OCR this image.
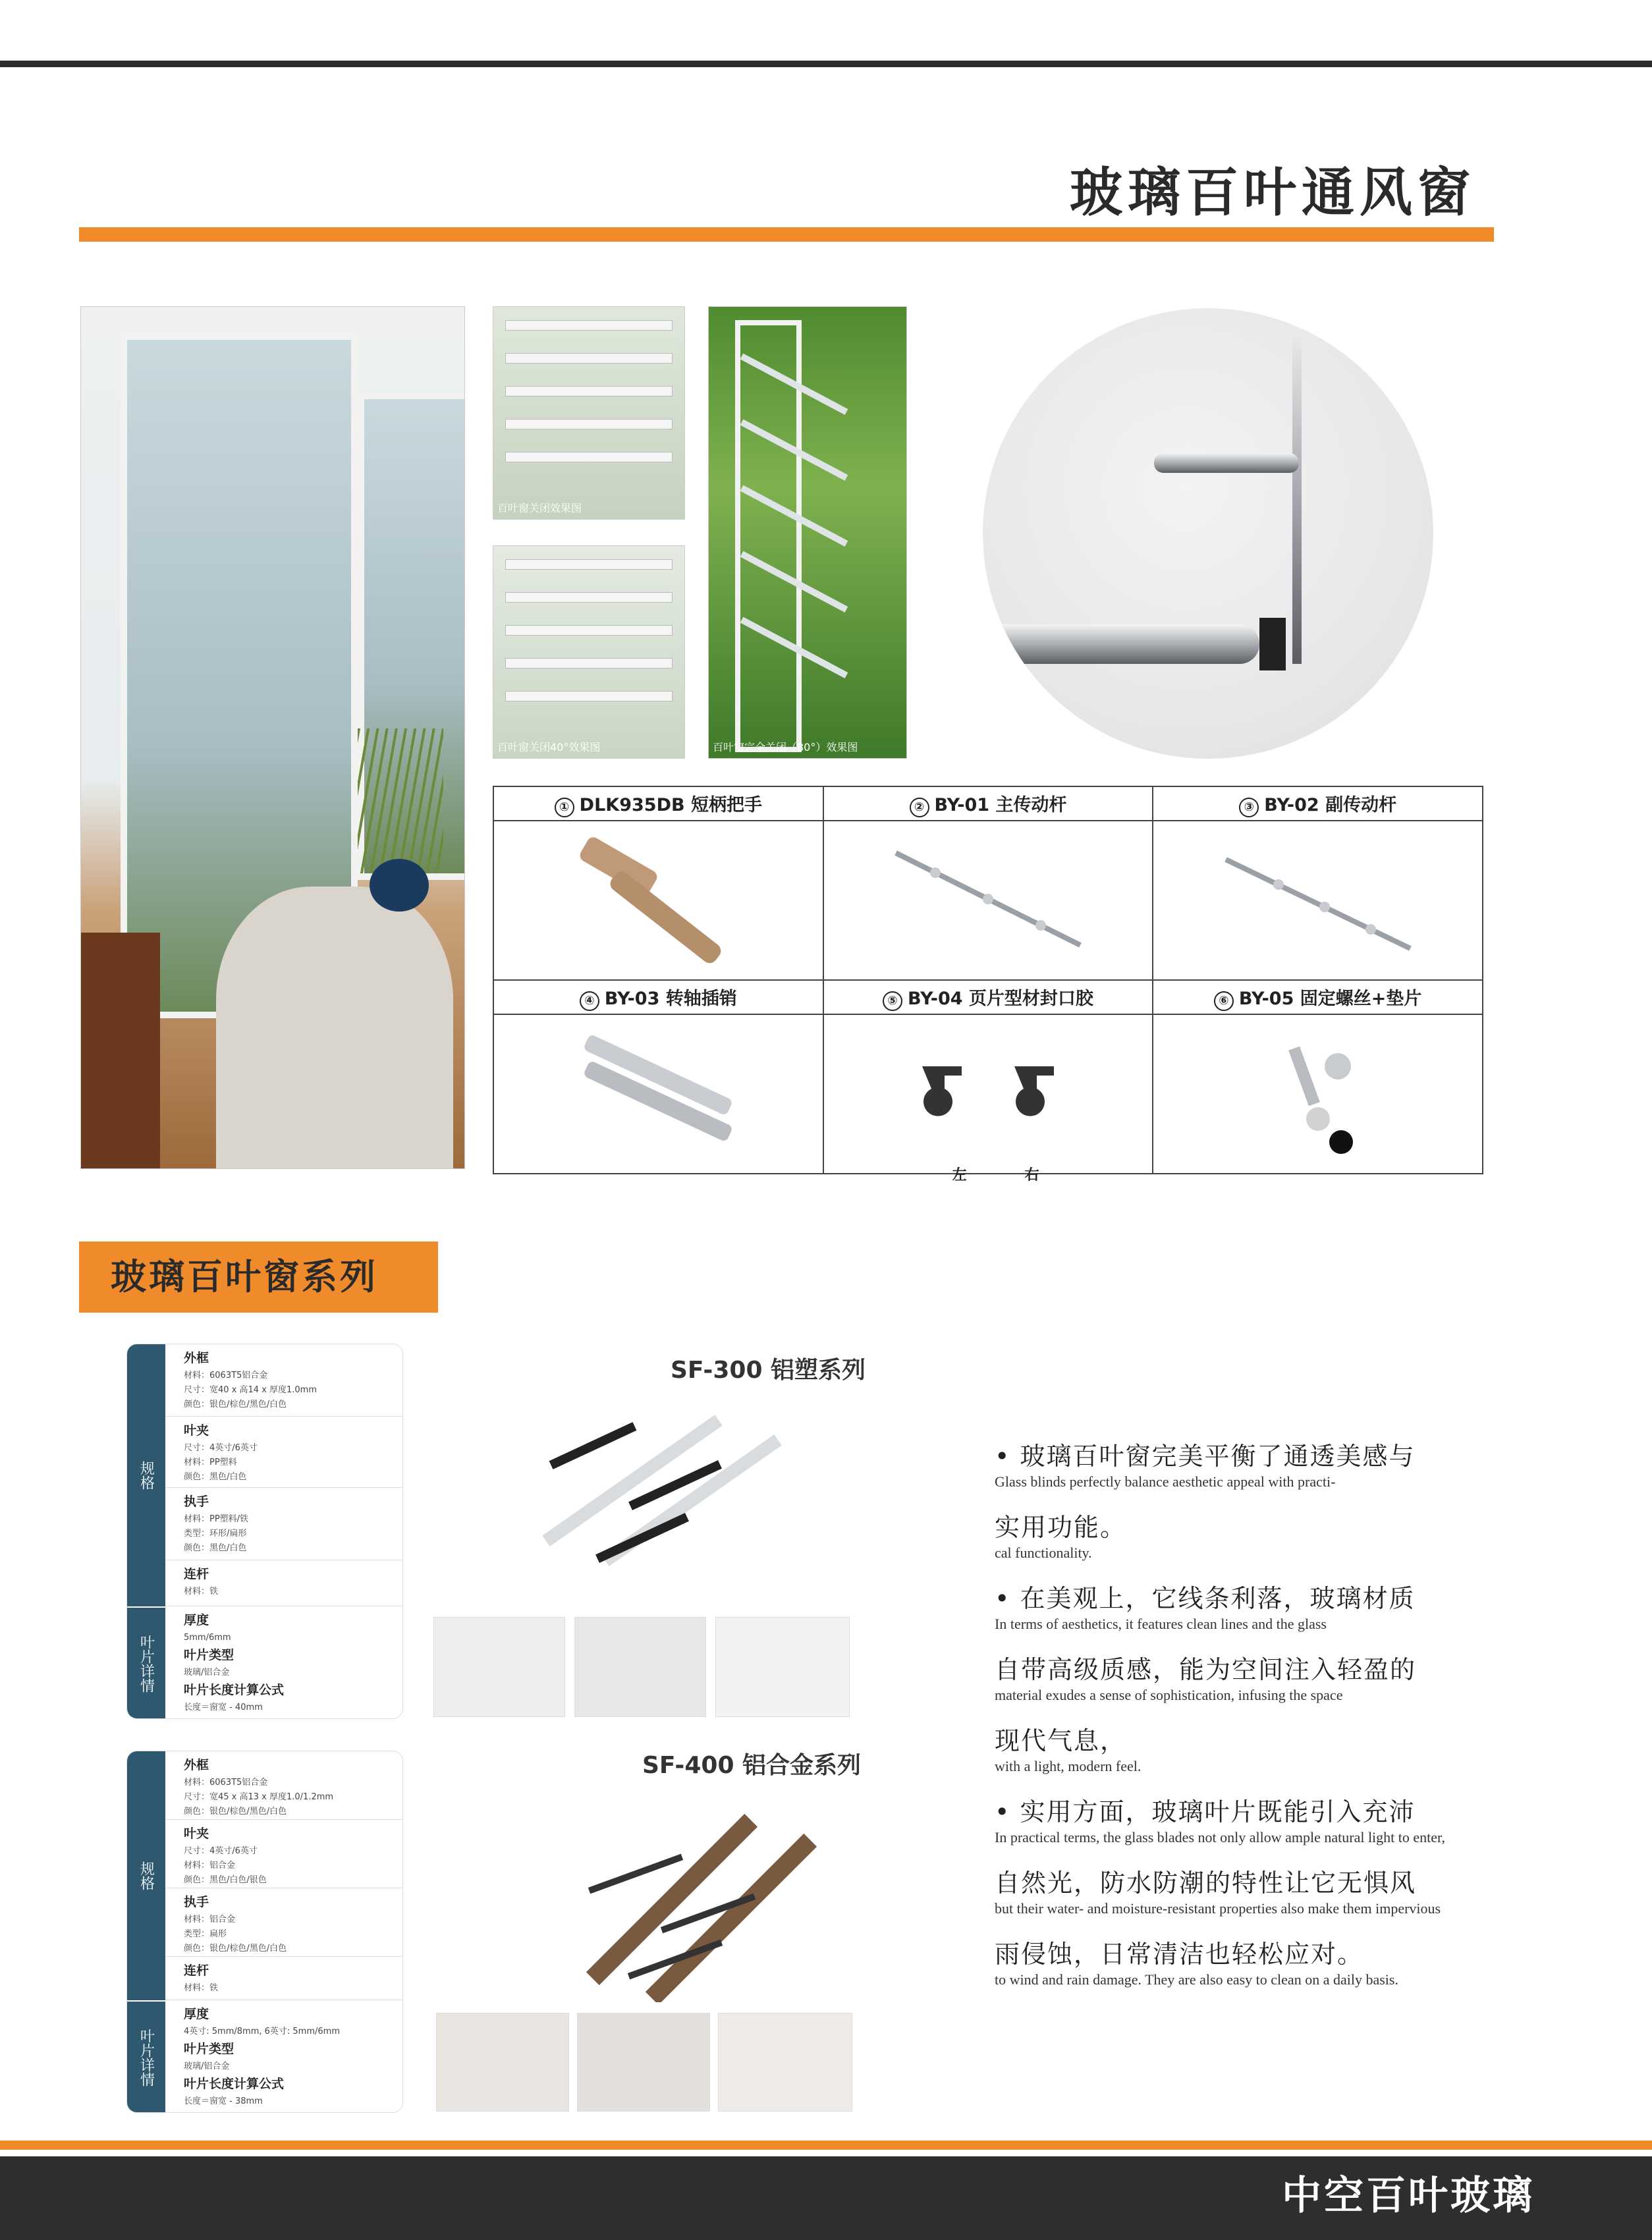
玻璃百叶通风窗
百叶窗关闭效果图
百叶窗关闭40°效果图	百叶窗完全关闭（80°）效果图
① DLK935DB 短柄把手	② BY-01 主传动杆	③ BY-02 副传动杆

④ BY-03 转轴插销	⑤ BY-04 页片型材封口胶	⑥ BY-05 固定螺丝+垫片

左 右

玻璃百叶窗系列
规格
叶片详情
外框
材料：6063T5铝合金
尺寸：宽40 x 高14 x 厚度1.0mm
颜色：银色/棕色/黑色/白色
叶夹
尺寸：4英寸/6英寸
材料：PP塑料
颜色：黑色/白色
执手
材料：PP塑料/铁
类型：环形/扁形
颜色：黑色/白色
连杆
材料：铁
厚度
5mm/6mm
叶片类型
玻璃/铝合金
叶片长度计算公式
长度＝窗宽 - 40mm
SF-300 铝塑系列
规格
叶片详情
外框
材料：6063T5铝合金
尺寸：宽45 x 高13 x 厚度1.0/1.2mm
颜色：银色/棕色/黑色/白色
叶夹
尺寸：4英寸/6英寸
材料：铝合金
颜色：黑色/白色/银色
执手
材料：铝合金
类型：扁形
颜色：银色/棕色/黑色/白色
连杆
材料：铁
厚度
4英寸: 5mm/8mm, 6英寸: 5mm/6mm
叶片类型
玻璃/铝合金
叶片长度计算公式
长度＝窗宽 - 38mm
SF-400 铝合金系列
• 玻璃百叶窗完美平衡了通透美感与
Glass blinds perfectly balance aesthetic appeal with practi-
实用功能。
cal functionality.
• 在美观上，它线条利落，玻璃材质
In terms of aesthetics, it features clean lines and the glass
自带高级质感，能为空间注入轻盈的
material exudes a sense of sophistication, infusing the space
现代气息，
with a light, modern feel.
• 实用方面，玻璃叶片既能引入充沛
In practical terms, the glass blades not only allow ample natural light to enter,
自然光，防水防潮的特性让它无惧风
but their water- and moisture-resistant properties also make them impervious
雨侵蚀，日常清洁也轻松应对。
to wind and rain damage. They are also easy to clean on a daily basis.
中空百叶玻璃
